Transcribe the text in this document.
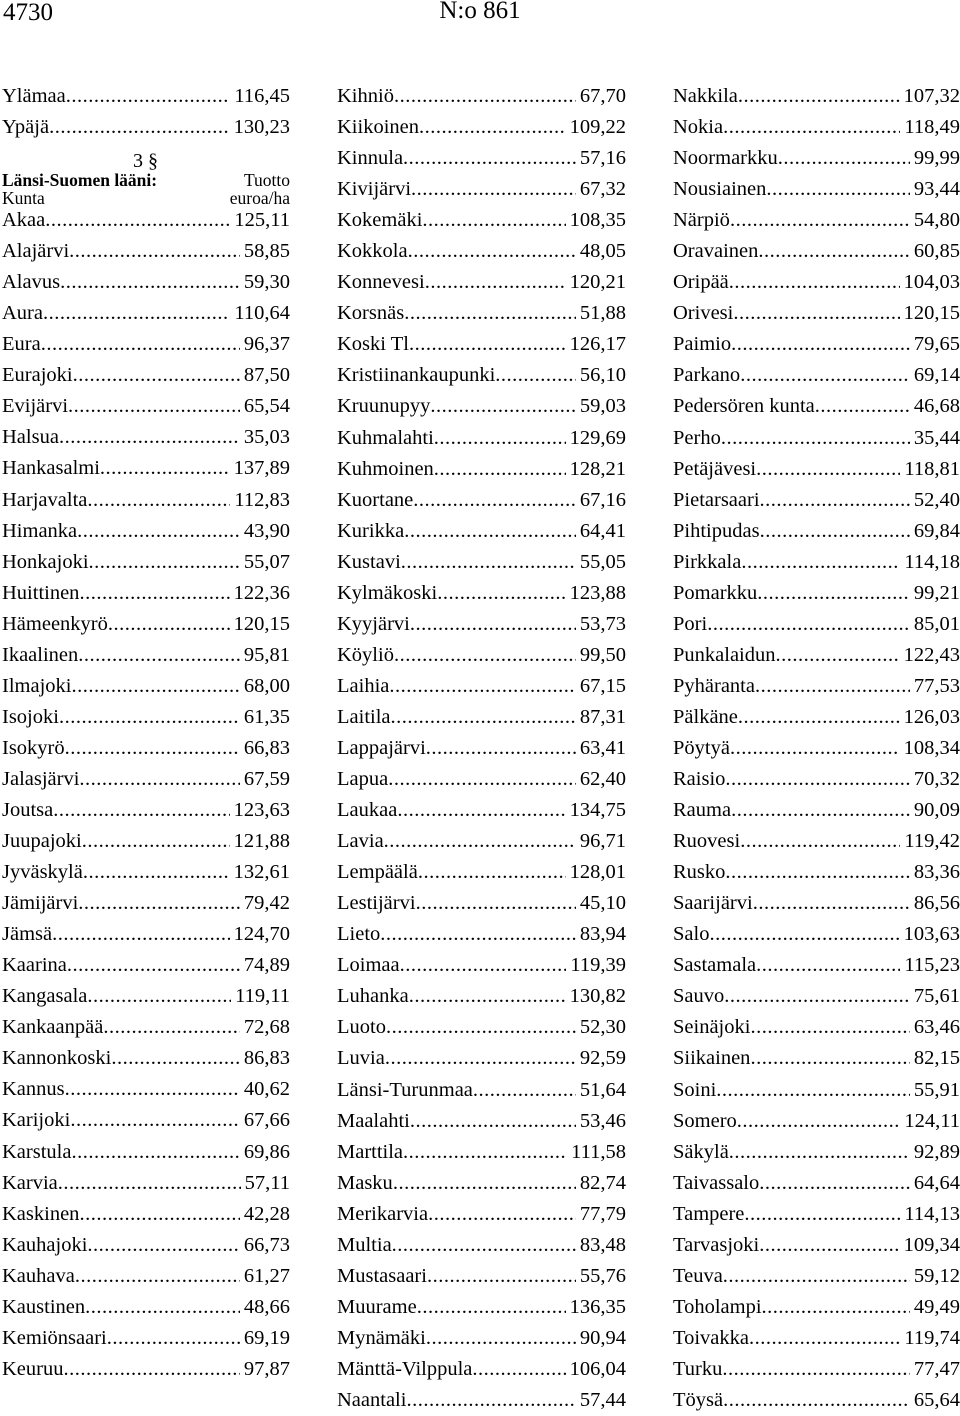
4730	N:o 861
Ylämaa .....	116,45
Ypäjä .....	130,23
3 §
Länsi-Suomen lääni:	Tuotto
Kunta	euroa/ha
Akaa .....	125,11
Alajärvi .....	58,85
Alavus .....	59,30
Aura .....	110,64
Eura .....	96,37
Eurajoki .....	87,50
Evijärvi .....	65,54
Halsua .....	35,03
Hankasalmi .....	137,89
Harjavalta .....	112,83
Himanka .....	43,90
Honkajoki .....	55,07
Huittinen .....	122,36
Hämeenkyrö .....	120,15
Ikaalinen .....	95,81
Ilmajoki .....	68,00
Isojoki .....	61,35
Isokyrö .....	66,83
Jalasjärvi .....	67,59
Joutsa .....	123,63
Juupajoki .....	121,88
Jyväskylä .....	132,61
Jämijärvi .....	79,42
Jämsä .....	124,70
Kaarina .....	74,89
Kangasala .....	119,11
Kankaanpää .....	72,68
Kannonkoski .....	86,83
Kannus .....	40,62
Karijoki .....	67,66
Karstula .....	69,86
Karvia .....	57,11
Kaskinen .....	42,28
Kauhajoki .....	66,73
Kauhava .....	61,27
Kaustinen .....	48,66
Kemiönsaari .....	69,19
Keuruu .....	97,87
Kihniö .....	67,70
Kiikoinen .....	109,22
Kinnula .....	57,16
Kivijärvi .....	67,32
Kokemäki .....	108,35
Kokkola .....	48,05
Konnevesi .....	120,21
Korsnäs .....	51,88
Koski Tl .....	126,17
Kristiinankaupunki .....	56,10
Kruunupyy .....	59,03
Kuhmalahti .....	129,69
Kuhmoinen .....	128,21
Kuortane .....	67,16
Kurikka .....	64,41
Kustavi .....	55,05
Kylmäkoski .....	123,88
Kyyjärvi .....	53,73
Köyliö .....	99,50
Laihia .....	67,15
Laitila .....	87,31
Lappajärvi .....	63,41
Lapua .....	62,40
Laukaa .....	134,75
Lavia .....	96,71
Lempäälä .....	128,01
Lestijärvi .....	45,10
Lieto .....	83,94
Loimaa .....	119,39
Luhanka .....	130,82
Luoto .....	52,30
Luvia .....	92,59
Länsi-Turunmaa .....	51,64
Maalahti .....	53,46
Marttila .....	111,58
Masku .....	82,74
Merikarvia .....	77,79
Multia .....	83,48
Mustasaari .....	55,76
Muurame .....	136,35
Mynämäki .....	90,94
Mänttä-Vilppula .....	106,04
Naantali .....	57,44
Nakkila .....	107,32
Nokia .....	118,49
Noormarkku .....	99,99
Nousiainen .....	93,44
Närpiö .....	54,80
Oravainen .....	60,85
Oripää .....	104,03
Orivesi .....	120,15
Paimio .....	79,65
Parkano .....	69,14
Pedersören kunta .....	46,68
Perho .....	35,44
Petäjävesi .....	118,81
Pietarsaari .....	52,40
Pihtipudas .....	69,84
Pirkkala .....	114,18
Pomarkku .....	99,21
Pori .....	85,01
Punkalaidun .....	122,43
Pyhäranta .....	77,53
Pälkäne .....	126,03
Pöytyä .....	108,34
Raisio .....	70,32
Rauma .....	90,09
Ruovesi .....	119,42
Rusko .....	83,36
Saarijärvi .....	86,56
Salo .....	103,63
Sastamala .....	115,23
Sauvo .....	75,61
Seinäjoki .....	63,46
Siikainen .....	82,15
Soini .....	55,91
Somero .....	124,11
Säkylä .....	92,89
Taivassalo .....	64,64
Tampere .....	114,13
Tarvasjoki .....	109,34
Teuva .....	59,12
Toholampi .....	49,49
Toivakka .....	119,74
Turku .....	77,47
Töysä .....	65,64
